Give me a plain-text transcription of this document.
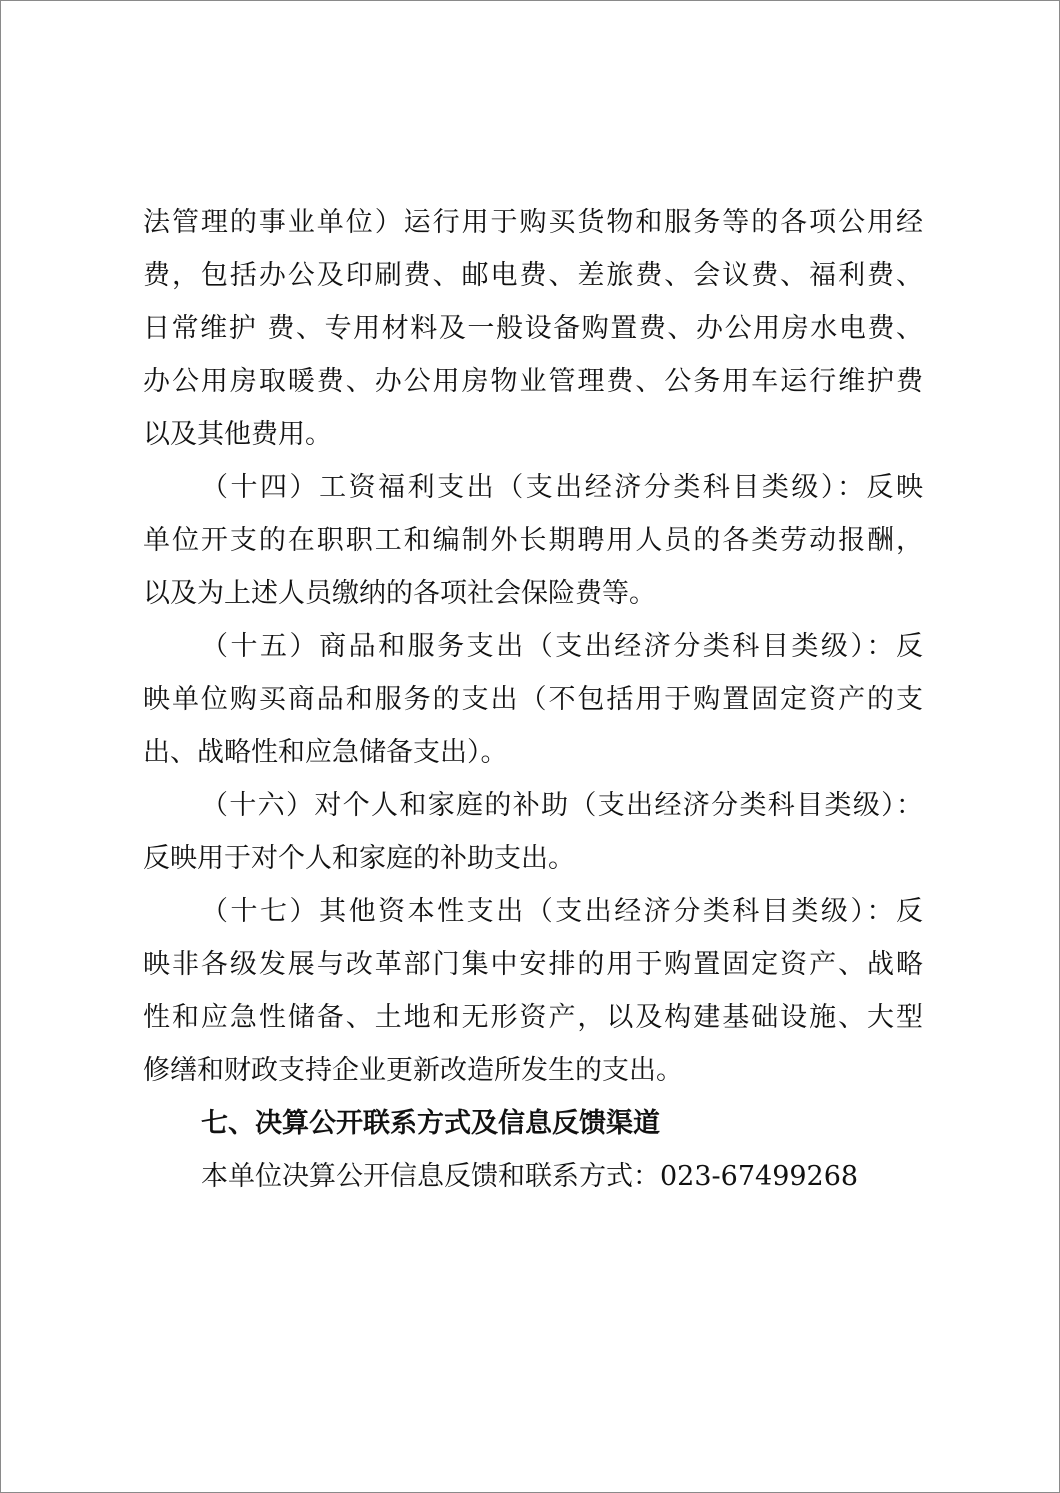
法管理的事业单位）运行用于购买货物和服务等的各项公用经
费，包括办公及印刷费、邮电费、差旅费、会议费、福利费、
日常维护 费、专用材料及一般设备购置费、办公用房水电费、
办公用房取暖费、办公用房物业管理费、公务用车运行维护费
以及其他费用。
（十四）工资福利支出（支出经济分类科目类级）：反映
单位开支的在职职工和编制外长期聘用人员的各类劳动报酬，
以及为上述人员缴纳的各项社会保险费等。
（十五）商品和服务支出（支出经济分类科目类级）：反
映单位购买商品和服务的支出（不包括用于购置固定资产的支
出、战略性和应急储备支出）。
（十六）对个人和家庭的补助（支出经济分类科目类级）：
反映用于对个人和家庭的补助支出。
（十七）其他资本性支出（支出经济分类科目类级）：反
映非各级发展与改革部门集中安排的用于购置固定资产、战略
性和应急性储备、土地和无形资产，以及构建基础设施、大型
修缮和财政支持企业更新改造所发生的支出。
七、决算公开联系方式及信息反馈渠道
本单位决算公开信息反馈和联系方式：023-67499268
